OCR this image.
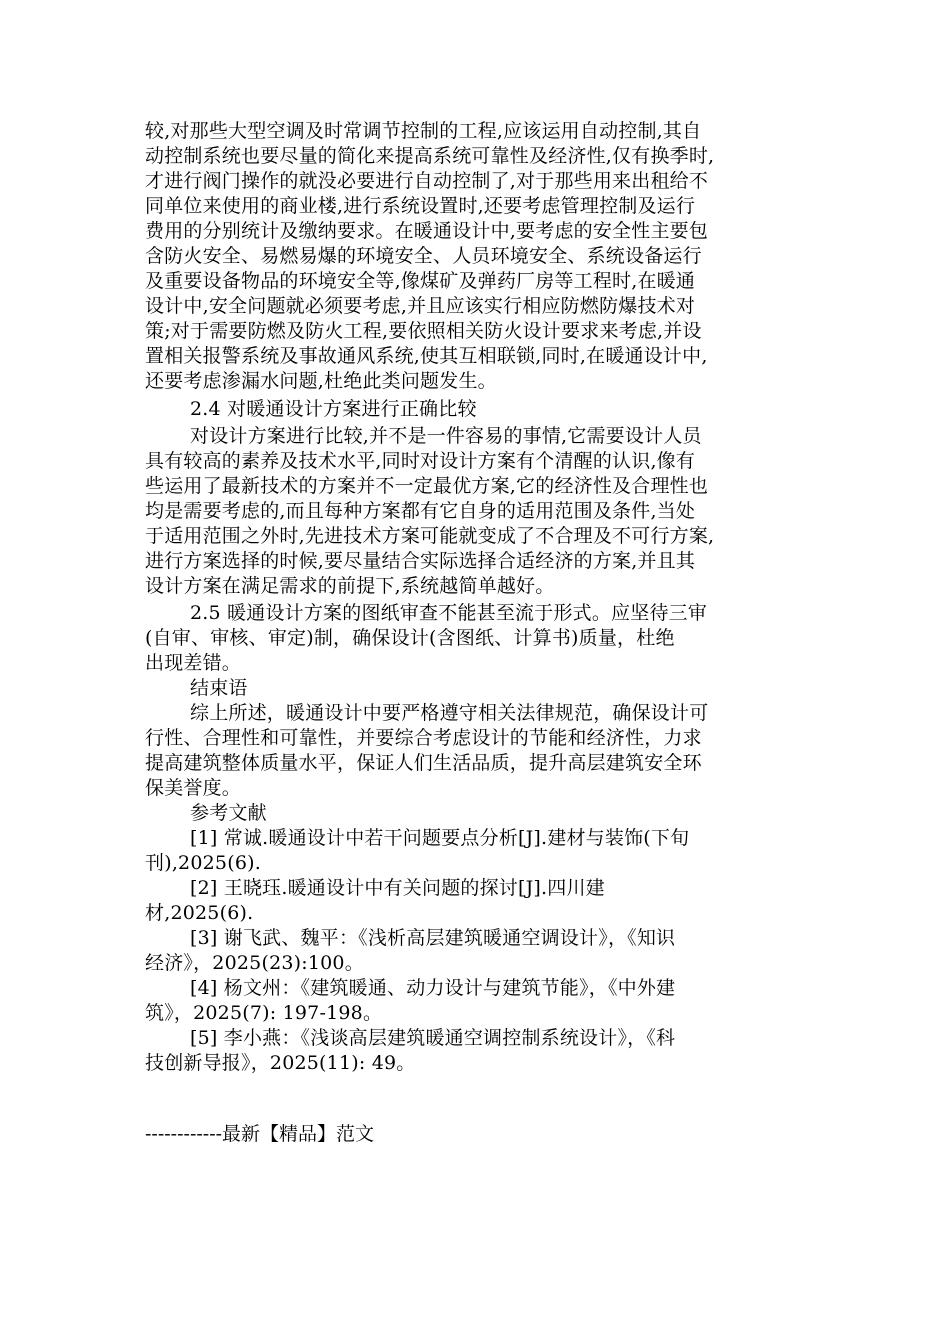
较,对那些大型空调及时常调节控制的工程,应该运用自动控制,其自
动控制系统也要尽量的简化来提高系统可靠性及经济性,仅有换季时,
才进行阀门操作的就没必要进行自动控制了,对于那些用来出租给不
同单位来使用的商业楼,进行系统设置时,还要考虑管理控制及运行
费用的分别统计及缴纳要求。在暖通设计中,要考虑的安全性主要包
含防火安全、易燃易爆的环境安全、人员环境安全、系统设备运行
及重要设备物品的环境安全等,像煤矿及弹药厂房等工程时,在暖通
设计中,安全问题就必须要考虑,并且应该实行相应防燃防爆技术对
策;对于需要防燃及防火工程,要依照相关防火设计要求来考虑,并设
置相关报警系统及事故通风系统,使其互相联锁,同时,在暖通设计中,
还要考虑渗漏水问题,杜绝此类问题发生。
2.4 对暖通设计方案进行正确比较
对设计方案进行比较,并不是一件容易的事情,它需要设计人员
具有较高的素养及技术水平,同时对设计方案有个清醒的认识,像有
些运用了最新技术的方案并不一定最优方案,它的经济性及合理性也
均是需要考虑的,而且每种方案都有它自身的适用范围及条件,当处
于适用范围之外时,先进技术方案可能就变成了不合理及不可行方案,
进行方案选择的时候,要尽量结合实际选择合适经济的方案,并且其
设计方案在满足需求的前提下,系统越简单越好。
2.5 暖通设计方案的图纸审查不能甚至流于形式。应坚待三审
(自审、审核、审定)制，确保设计(含图纸、计算书)质量，杜绝
出现差错。
结束语
综上所述，暖通设计中要严格遵守相关法律规范，确保设计可
行性、合理性和可靠性，并要综合考虑设计的节能和经济性，力求
提高建筑整体质量水平，保证人们生活品质，提升高层建筑安全环
保美誉度。
参考文献
[1] 常诚.暖通设计中若干问题要点分析[J].建材与装饰(下旬
刊),2025(6).
[2] 王晓珏.暖通设计中有关问题的探讨[J].四川建
材,2025(6).
[3] 谢飞武、魏平：《浅析高层建筑暖通空调设计》，《知识
经济》，2025(23):100。
[4] 杨文州：《建筑暖通、动力设计与建筑节能》，《中外建
筑》，2025(7): 197-198。
[5] 李小燕：《浅谈高层建筑暖通空调控制系统设计》，《科
技创新导报》，2025(11): 49。
------------最新【精品】范文
